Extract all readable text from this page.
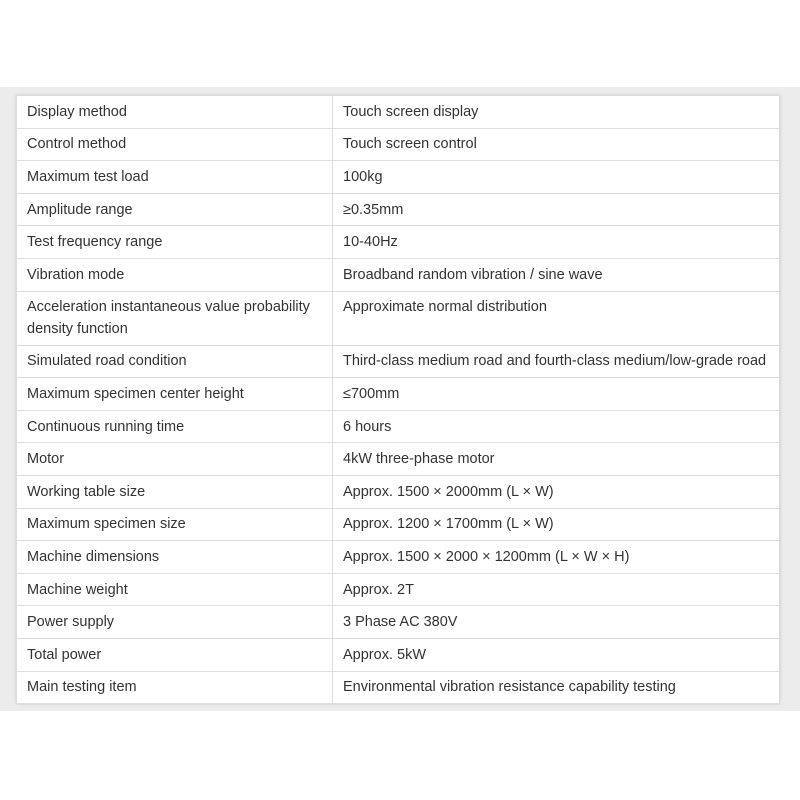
Display method	Touch screen display
Control method	Touch screen control
Maximum test load	100kg
Amplitude range	≥0.35mm
Test frequency range	10-40Hz
Vibration mode	Broadband random vibration / sine wave
Acceleration instantaneous value probability density function	Approximate normal distribution
Simulated road condition	Third-class medium road and fourth-class medium/low-grade road
Maximum specimen center height	≤700mm
Continuous running time	6 hours
Motor	4kW three-phase motor
Working table size	Approx. 1500 × 2000mm (L × W)
Maximum specimen size	Approx. 1200 × 1700mm (L × W)
Machine dimensions	Approx. 1500 × 2000 × 1200mm (L × W × H)
Machine weight	Approx. 2T
Power supply	3 Phase AC 380V
Total power	Approx. 5kW
Main testing item	Environmental vibration resistance capability testing
